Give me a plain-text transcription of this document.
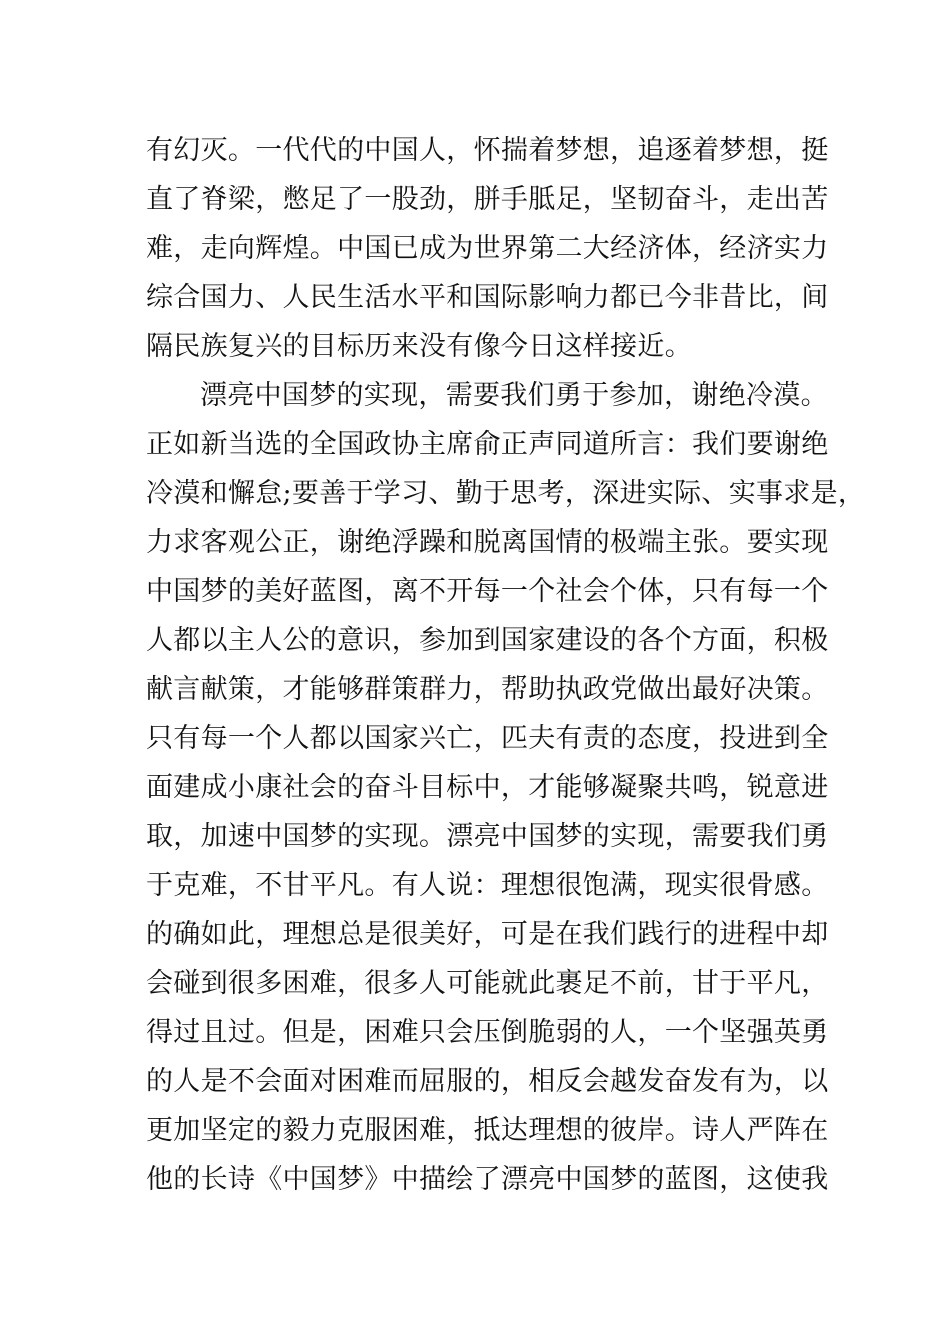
有幻灭。一代代的中国人，怀揣着梦想，追逐着梦想，挺
直了脊梁，憋足了一股劲，胼手胝足，坚韧奋斗，走出苦
难，走向辉煌。中国已成为世界第二大经济体，经济实力
综合国力、人民生活水平和国际影响力都已今非昔比，间
隔民族复兴的目标历来没有像今日这样接近。
漂亮中国梦的实现，需要我们勇于参加，谢绝冷漠。
正如新当选的全国政协主席俞正声同道所言：我们要谢绝
冷漠和懈怠;要善于学习、勤于思考，深进实际、实事求是，
力求客观公正，谢绝浮躁和脱离国情的极端主张。要实现
中国梦的美好蓝图，离不开每一个社会个体，只有每一个
人都以主人公的意识，参加到国家建设的各个方面，积极
献言献策，才能够群策群力，帮助执政党做出最好决策。
只有每一个人都以国家兴亡，匹夫有责的态度，投进到全
面建成小康社会的奋斗目标中，才能够凝聚共鸣，锐意进
取，加速中国梦的实现。漂亮中国梦的实现，需要我们勇
于克难，不甘平凡。有人说：理想很饱满，现实很骨感。
的确如此，理想总是很美好，可是在我们践行的进程中却
会碰到很多困难，很多人可能就此裹足不前，甘于平凡，
得过且过。但是，困难只会压倒脆弱的人，一个坚强英勇
的人是不会面对困难而屈服的，相反会越发奋发有为，以
更加坚定的毅力克服困难，抵达理想的彼岸。诗人严阵在
他的长诗《中国梦》中描绘了漂亮中国梦的蓝图，这使我
